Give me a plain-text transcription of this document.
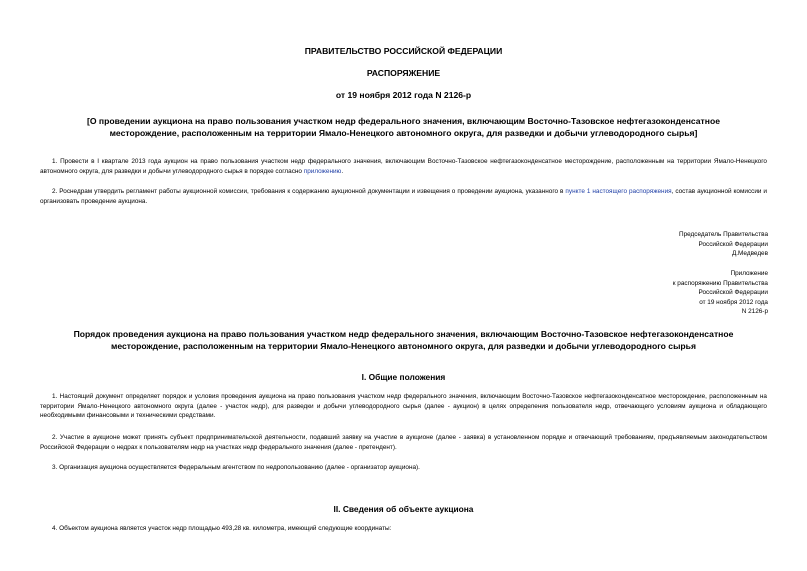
ПРАВИТЕЛЬСТВО РОССИЙСКОЙ ФЕДЕРАЦИИ
РАСПОРЯЖЕНИЕ
от 19 ноября 2012 года N 2126-р
[О проведении аукциона на право пользования участком недр федерального значения, включающим Восточно-Тазовское нефтегазоконденсатное
месторождение, расположенным на территории Ямало-Ненецкого автономного округа, для разведки и добычи углеводородного сырья]
1. Провести в I квартале 2013 года аукцион на право пользования участком недр федерального значения, включающим Восточно-Тазовское нефтегазоконденсатное месторождение, расположенным на территории Ямало-Ненецкого автономного округа, для разведки и добычи углеводородного сырья в порядке согласно приложению.
2. Роснедрам утвердить регламент работы аукционной комиссии, требования к содержанию аукционной документации и извещения о проведении аукциона, указанного в пункте 1 настоящего распоряжения, состав аукционной комиссии и организовать проведение аукциона.
Председатель Правительства
Российской Федерации
Д.Медведев
Приложение
к распоряжению Правительства
Российской Федерации
от 19 ноября 2012 года
N 2126-р
Порядок проведения аукциона на право пользования участком недр федерального значения, включающим Восточно-Тазовское нефтегазоконденсатное
месторождение, расположенным на территории Ямало-Ненецкого автономного округа, для разведки и добычи углеводородного сырья
I. Общие положения
1. Настоящий документ определяет порядок и условия проведения аукциона на право пользования участком недр федерального значения, включающим Восточно-Тазовское нефтегазоконденсатное месторождение, расположенным на территории Ямало-Ненецкого автономного округа (далее - участок недр), для разведки и добычи углеводородного сырья (далее - аукцион) в целях определения пользователя недр, отвечающего условиям аукциона и обладающего необходимыми финансовыми и техническими средствами.
2. Участие в аукционе может принять субъект предпринимательской деятельности, подавший заявку на участие в аукционе (далее - заявка) в установленном порядке и отвечающий требованиям, предъявляемым законодательством Российской Федерации о недрах к пользователям недр на участках недр федерального значения (далее - претендент).
3. Организация аукциона осуществляется Федеральным агентством по недропользованию (далее - организатор аукциона).
II. Сведения об объекте аукциона
4. Объектом аукциона является участок недр площадью 493,28 кв. километра, имеющий следующие координаты:
